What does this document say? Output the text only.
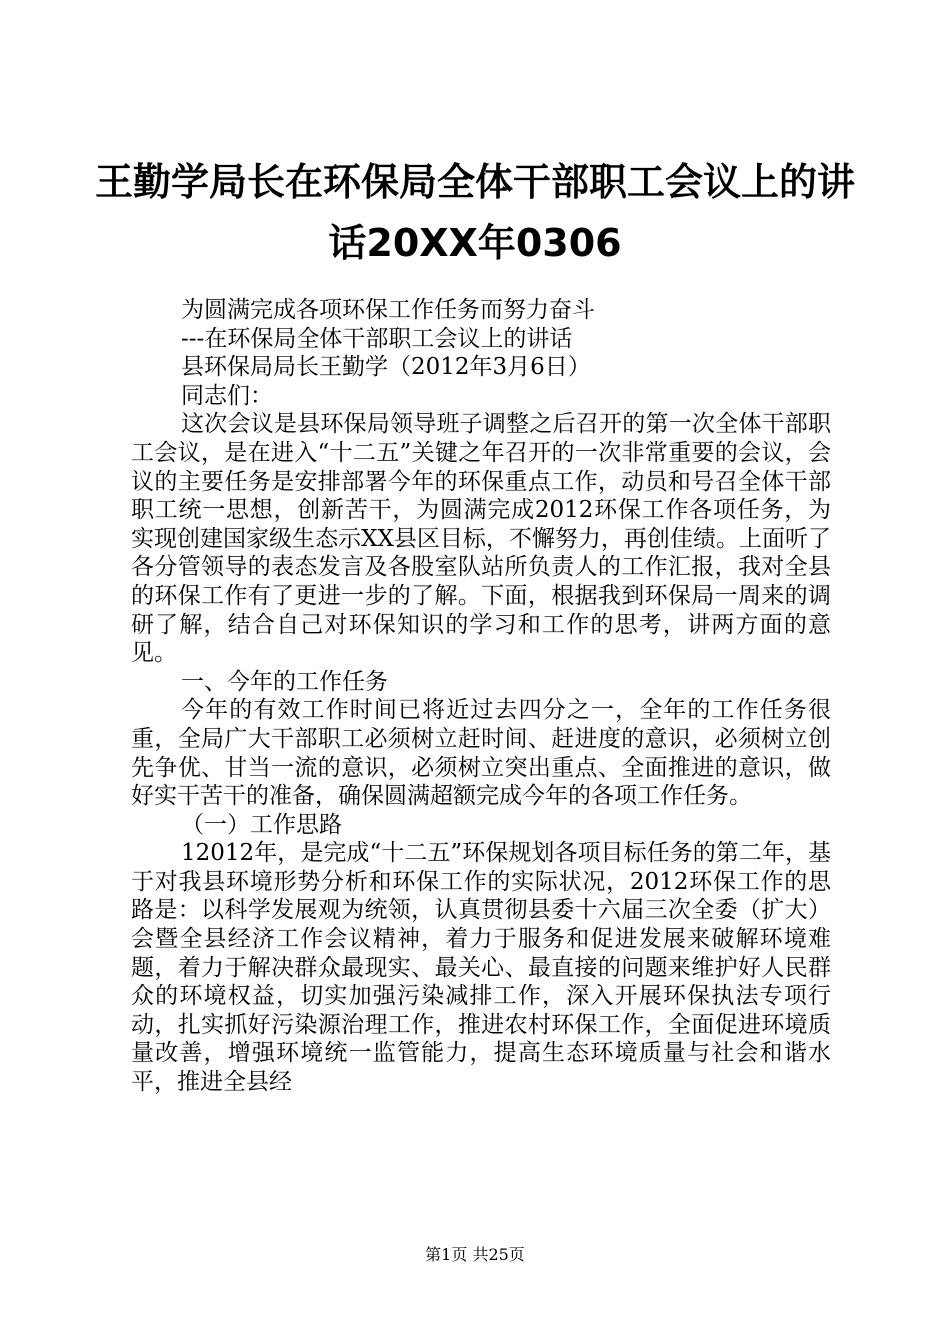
王勤学局长在环保局全体干部职工会议上的讲
话20XX年0306

为圆满完成各项环保工作任务而努力奋斗

---在环保局全体干部职工会议上的讲话

县环保局局长王勤学（2012年3月6日）

同志们：

这次会议是县环保局领导班子调整之后召开的第一次全体干部职工会议，是在进入“十二五”关键之年召开的一次非常重要的会议，会议的主要任务是安排部署今年的环保重点工作，动员和号召全体干部职工统一思想，创新苦干，为圆满完成2012环保工作各项任务，为实现创建国家级生态示XX县区目标，不懈努力，再创佳绩。上面听了各分管领导的表态发言及各股室队站所负责人的工作汇报，我对全县的环保工作有了更进一步的了解。下面，根据我到环保局一周来的调研了解，结合自己对环保知识的学习和工作的思考，讲两方面的意见。

一、今年的工作任务

今年的有效工作时间已将近过去四分之一，全年的工作任务很重，全局广大干部职工必须树立赶时间、赶进度的意识，必须树立创先争优、甘当一流的意识，必须树立突出重点、全面推进的意识，做好实干苦干的准备，确保圆满超额完成今年的各项工作任务。

（一）工作思路

12012年，是完成“十二五”环保规划各项目标任务的第二年，基于对我县环境形势分析和环保工作的实际状况，2012环保工作的思路是：以科学发展观为统领，认真贯彻县委十六届三次全委（扩大）会暨全县经济工作会议精神，着力于服务和促进发展来破解环境难题，着力于解决群众最现实、最关心、最直接的问题来维护好人民群众的环境权益，切实加强污染减排工作，深入开展环保执法专项行动，扎实抓好污染源治理工作，推进农村环保工作，全面促进环境质量改善，增强环境统一监管能力，提高生态环境质量与社会和谐水平，推进全县经

第1页 共25页
